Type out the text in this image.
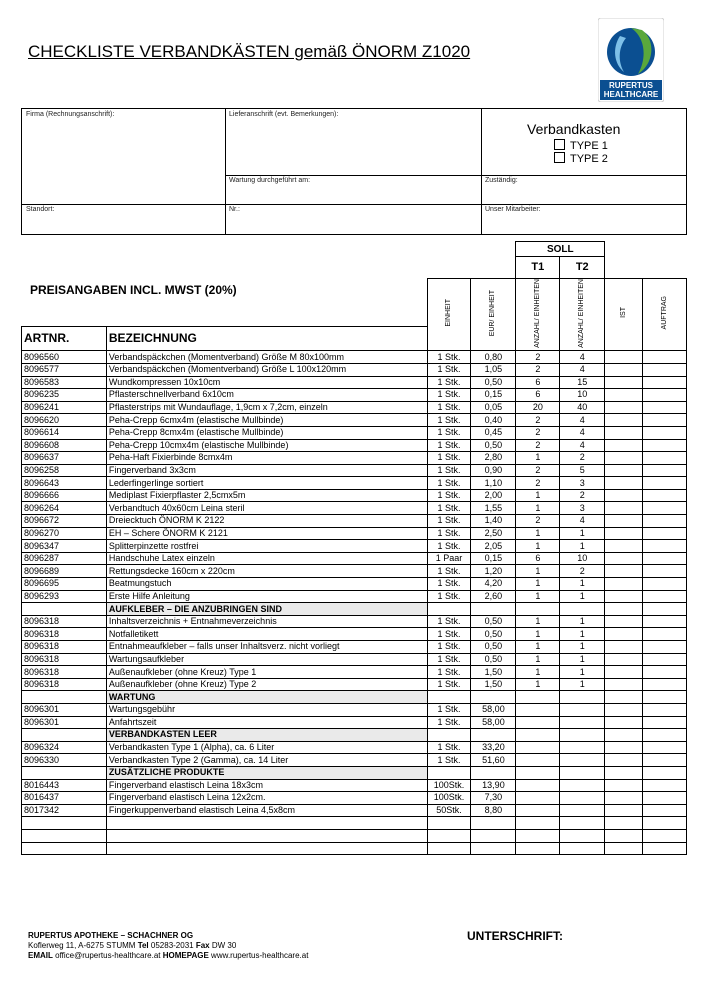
CHECKLISTE VERBANDKÄSTEN gemäß ÖNORM Z1020
RUPERTUS
HEALTHCARE
Firma (Rechnungsanschrift):	Lieferanschrift (evt. Bemerkungen):
Wartung durchgeführt am:	Zuständig:
Standort:	Nr.:	Unser Mitarbeiter:
Verbandkasten
TYPE 1
TYPE 2
PREISANGABEN INCL. MWST (20%)
				SOLL			
				T1	T2		
		EINHEIT	EUR/ EINHEIT	ANZAHL/ EINHEITEN	ANZAHL/ EINHEITEN	IST	AUFTRAG
ARTNR.	BEZEICHNUNG						
8096560	Verbandspäckchen (Momentverband) Größe M 80x100mm	1 Stk.	0,80	2	4		
8096577	Verbandspäckchen (Momentverband) Größe L 100x120mm	1 Stk.	1,05	2	4		
8096583	Wundkompressen 10x10cm	1 Stk.	0,50	6	15		
8096235	Pflasterschnellverband 6x10cm	1 Stk.	0,15	6	10		
8096241	Pflasterstrips mit Wundauflage, 1,9cm x 7,2cm, einzeln	1 Stk.	0,05	20	40		
8096620	Peha-Crepp 6cmx4m (elastische Mullbinde)	1 Stk.	0,40	2	4		
8096614	Peha-Crepp 8cmx4m (elastische Mullbinde)	1 Stk.	0,45	2	4		
8096608	Peha-Crepp 10cmx4m (elastische Mullbinde)	1 Stk.	0,50	2	4		
8096637	Peha-Haft Fixierbinde 8cmx4m	1 Stk.	2,80	1	2		
8096258	Fingerverband 3x3cm	1 Stk.	0,90	2	5		
8096643	Lederfingerlinge sortiert	1 Stk.	1,10	2	3		
8096666	Mediplast Fixierpflaster 2,5cmx5m	1 Stk.	2,00	1	2		
8096264	Verbandtuch 40x60cm Leina steril	1 Stk.	1,55	1	3		
8096672	Dreiecktuch ÖNORM K 2122	1 Stk.	1,40	2	4		
8096270	EH – Schere ÖNORM K 2121	1 Stk.	2,50	1	1		
8096347	Splitterpinzette rostfrei	1 Stk.	2,05	1	1		
8096287	Handschuhe Latex einzeln	1 Paar	0,15	6	10		
8096689	Rettungsdecke 160cm x 220cm	1 Stk.	1,20	1	2		
8096695	Beatmungstuch	1 Stk.	4,20	1	1		
8096293	Erste Hilfe Anleitung	1 Stk.	2,60	1	1		
	AUFKLEBER – DIE ANZUBRINGEN SIND						
8096318	Inhaltsverzeichnis + Entnahmeverzeichnis	1 Stk.	0,50	1	1		
8096318	Notfalletikett	1 Stk.	0,50	1	1		
8096318	Entnahmeaufkleber – falls unser Inhaltsverz. nicht vorliegt	1 Stk.	0,50	1	1		
8096318	Wartungsaufkleber	1 Stk.	0,50	1	1		
8096318	Außenaufkleber (ohne Kreuz) Type 1	1 Stk.	1,50	1	1		
8096318	Außenaufkleber (ohne Kreuz) Type 2	1 Stk.	1,50	1	1		
	WARTUNG						
8096301	Wartungsgebühr	1 Stk.	58,00				
8096301	Anfahrtszeit	1 Stk.	58,00				
	VERBANDKASTEN LEER						
8096324	Verbandkasten Type 1 (Alpha), ca. 6 Liter	1 Stk.	33,20				
8096330	Verbandkasten Type 2 (Gamma), ca. 14 Liter	1 Stk.	51,60				
	ZUSÄTZLICHE PRODUKTE						
8016443	Fingerverband elastisch Leina 18x3cm	100Stk.	13,90				
8016437	Fingerverband elastisch Leina 12x2cm.	100Stk.	7,30				
8017342	Fingerkuppenverband elastisch Leina 4,5x8cm	50Stk.	8,80				

RUPERTUS APOTHEKE – SCHACHNER OG
Koflerweg 11, A-6275 STUMM Tel 05283-2031 Fax DW 30
EMAIL office@rupertus-healthcare.at HOMEPAGE www.rupertus-healthcare.at
UNTERSCHRIFT:
